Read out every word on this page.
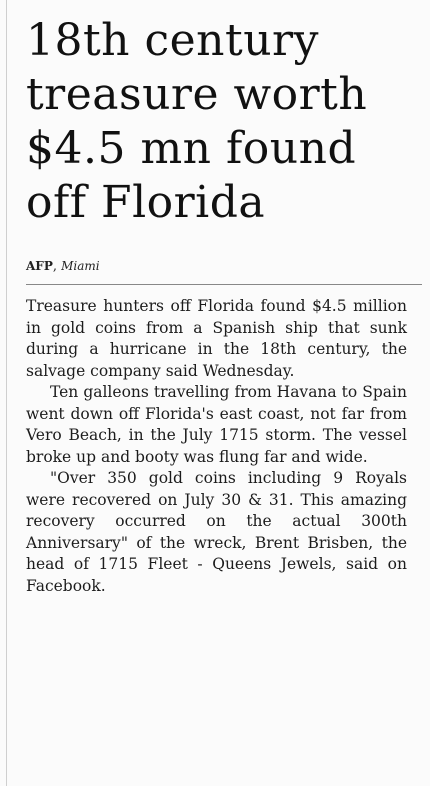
18th century
treasure worth
$4.5 mn found
off Florida
AFP, Miami

Treasure hunters off Florida found $4.5 million in gold coins from a Spanish ship that sunk during a hurricane in the 18th century, the salvage company said Wednesday.

Ten galleons travelling from Havana to Spain went down off Florida's east coast, not far from Vero Beach, in the July 1715 storm. The vessel broke up and booty was flung far and wide.

"Over 350 gold coins including 9 Royals were recovered on July 30 & 31. This amazing recovery occurred on the actual 300th Anniversary" of the wreck, Brent Brisben, the head of 1715 Fleet - Queens Jewels, said on Facebook.
